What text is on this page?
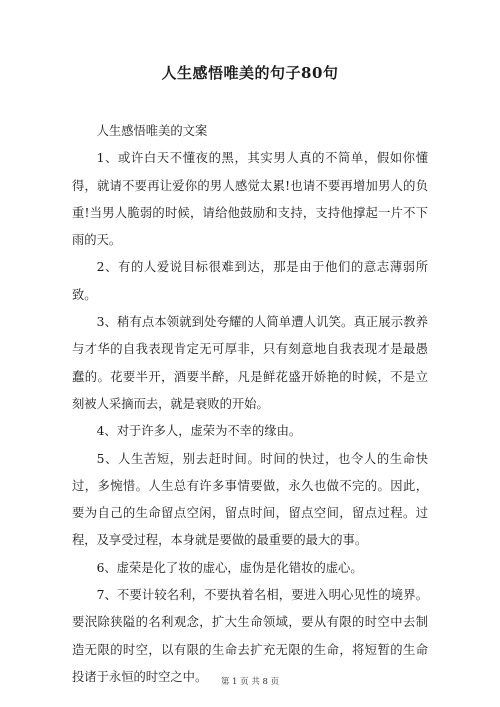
人生感悟唯美的句子80句

人生感悟唯美的文案

1、或许白天不懂夜的黑，其实男人真的不简单，假如你懂得，就请不要再让爱你的男人感觉太累!也请不要再增加男人的负重!当男人脆弱的时候，请给他鼓励和支持，支持他撑起一片不下雨的天。

2、有的人爱说目标很难到达，那是由于他们的意志薄弱所致。

3、稍有点本领就到处夸耀的人简单遭人讥笑。真正展示教养与才华的自我表现肯定无可厚非，只有刻意地自我表现才是最愚蠢的。花要半开，酒要半醉，凡是鲜花盛开娇艳的时候，不是立刻被人采摘而去，就是衰败的开始。

4、对于许多人，虚荣为不幸的缘由。

5、人生苦短，别去赶时间。时间的快过，也令人的生命快过，多惋惜。人生总有许多事情要做，永久也做不完的。因此，要为自己的生命留点空闲，留点时间，留点空间，留点过程。过程，及享受过程，本身就是要做的最重要的最大的事。

6、虚荣是化了妆的虚心，虚伪是化错妆的虚心。

7、不要计较名利，不要执着名相，要进入明心见性的境界。要泯除狭隘的名利观念，扩大生命领域，要从有限的时空中去制造无限的时空，以有限的生命去扩充无限的生命，将短暂的生命投诸于永恒的时空之中。	第 1 页 共 8 页
